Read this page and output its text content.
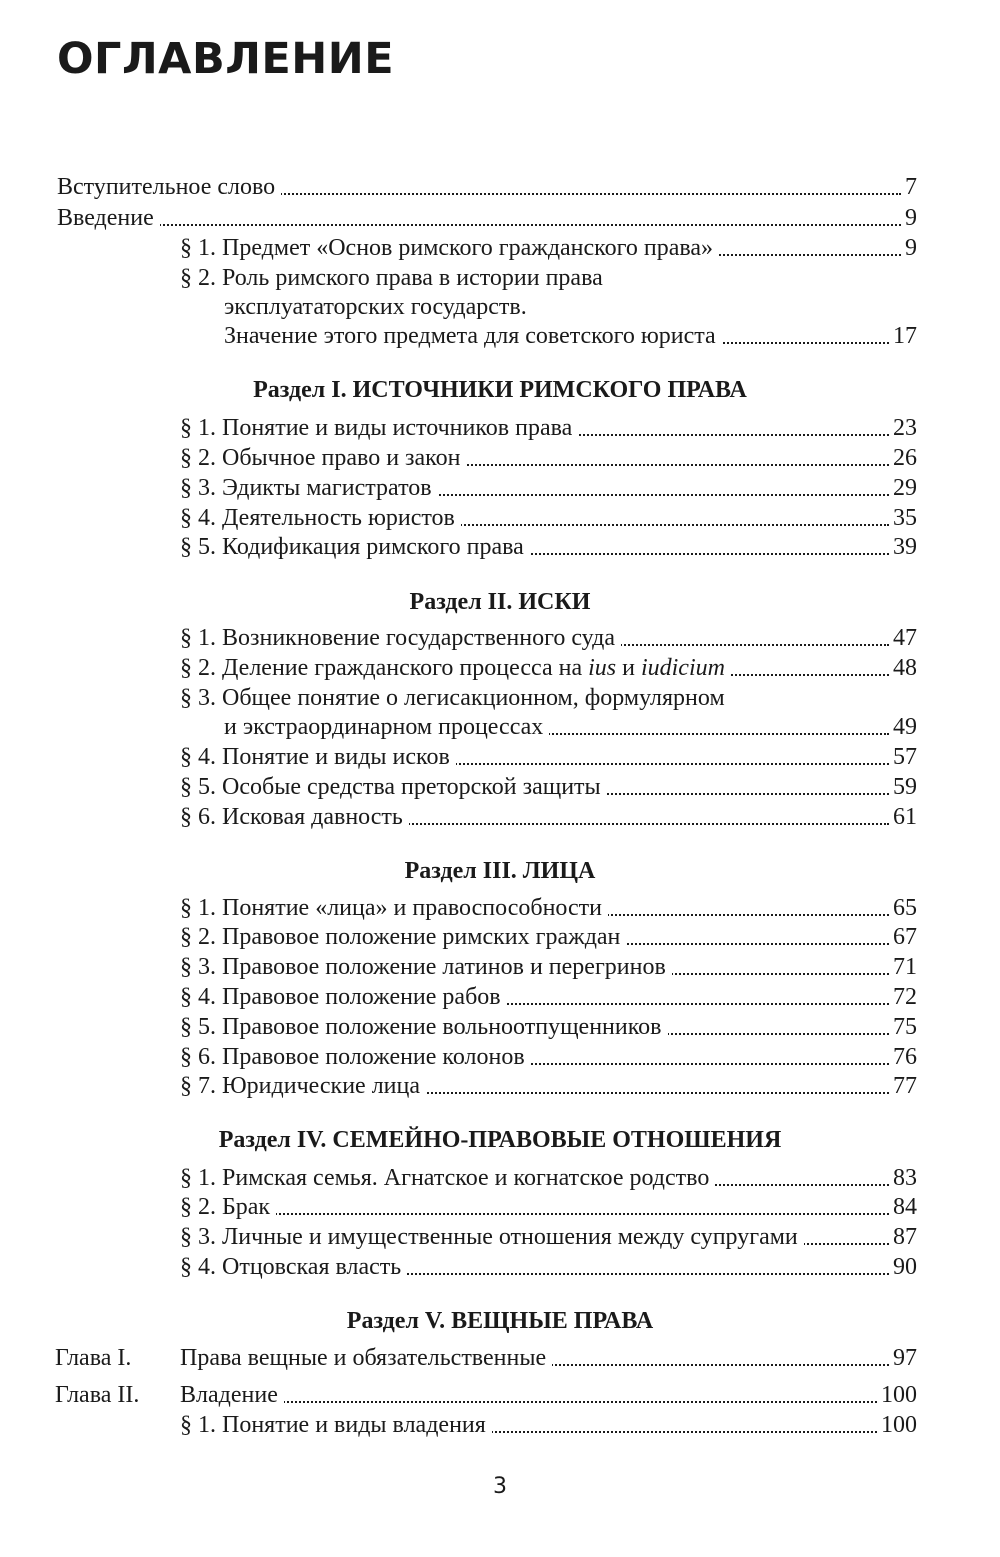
ОГЛАВЛЕНИЕ
Вступительное слово	7
Введение	9
§ 1. Предмет «Основ римского гражданского права»	9
§ 2. Роль римского права в истории права
эксплуататорских государств.
Значение этого предмета для советского юриста	17
Раздел I. ИСТОЧНИКИ РИМСКОГО ПРАВА
§ 1. Понятие и виды источников права	23
§ 2. Обычное право и закон	26
§ 3. Эдикты магистратов	29
§ 4. Деятельность юристов	35
§ 5. Кодификация римского права	39
Раздел II. ИСКИ
§ 1. Возникновение государственного суда	47
§ 2. Деление гражданского процесса на ius и iudicium	48
§ 3. Общее понятие о легисакционном, формулярном
и экстраординарном процессах	49
§ 4. Понятие и виды исков	57
§ 5. Особые средства преторской защиты	59
§ 6. Исковая давность	61
Раздел III. ЛИЦА
§ 1. Понятие «лица» и правоспособности	65
§ 2. Правовое положение римских граждан	67
§ 3. Правовое положение латинов и перегринов	71
§ 4. Правовое положение рабов	72
§ 5. Правовое положение вольноотпущенников	75
§ 6. Правовое положение колонов	76
§ 7. Юридические лица	77
Раздел IV. СЕМЕЙНО-ПРАВОВЫЕ ОТНОШЕНИЯ
§ 1. Римская семья. Агнатское и когнатское родство	83
§ 2. Брак	84
§ 3. Личные и имущественные отношения между супругами	87
§ 4. Отцовская власть	90
Раздел V. ВЕЩНЫЕ ПРАВА
Глава I. Права вещные и обязательственные	97
Глава II. Владение	100
§ 1. Понятие и виды владения	100
3
